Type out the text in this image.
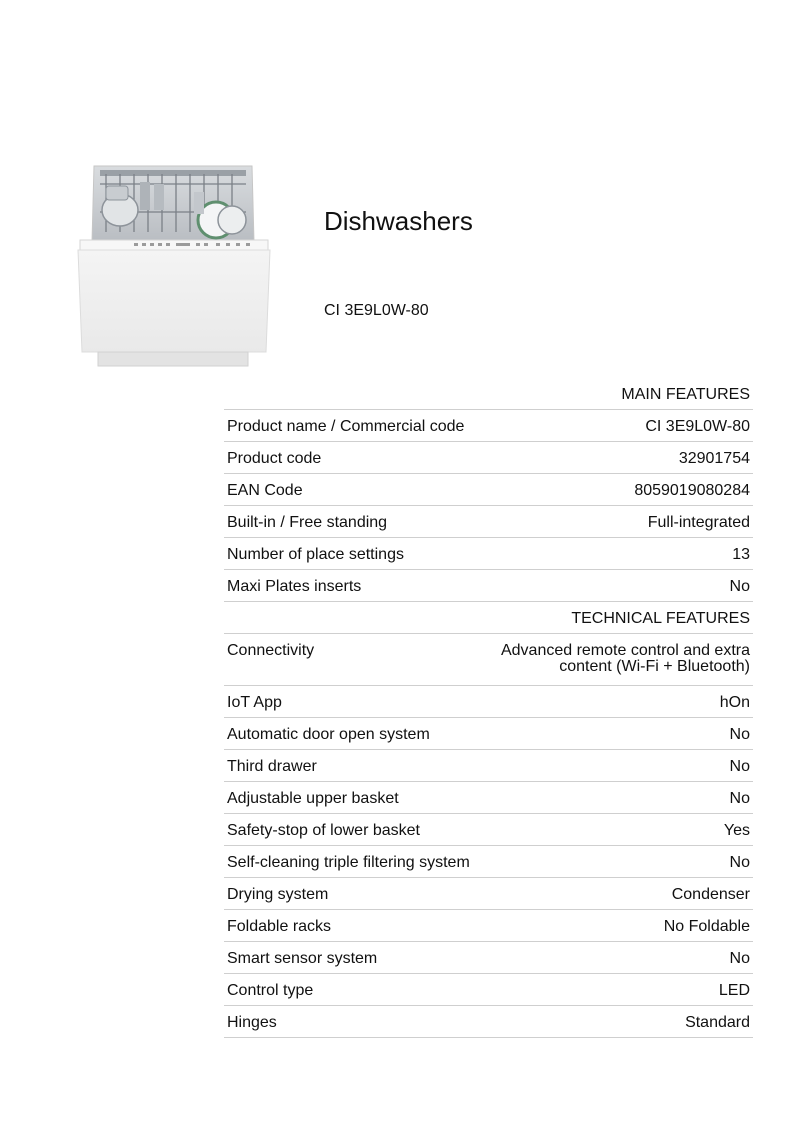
Dishwashers
CI 3E9L0W-80
MAIN FEATURES	
Product name / Commercial code	CI 3E9L0W-80
Product code	32901754
EAN Code	8059019080284
Built-in / Free standing	Full-integrated
Number of place settings	13
Maxi Plates inserts	No
TECHNICAL FEATURES	
Connectivity	Advanced remote control and extra content (Wi-Fi + Bluetooth)
IoT App	hOn
Automatic door open system	No
Third drawer	No
Adjustable upper basket	No
Safety-stop of lower basket	Yes
Self-cleaning triple filtering system	No
Drying system	Condenser
Foldable racks	No Foldable
Smart sensor system	No
Control type	LED
Hinges	Standard
